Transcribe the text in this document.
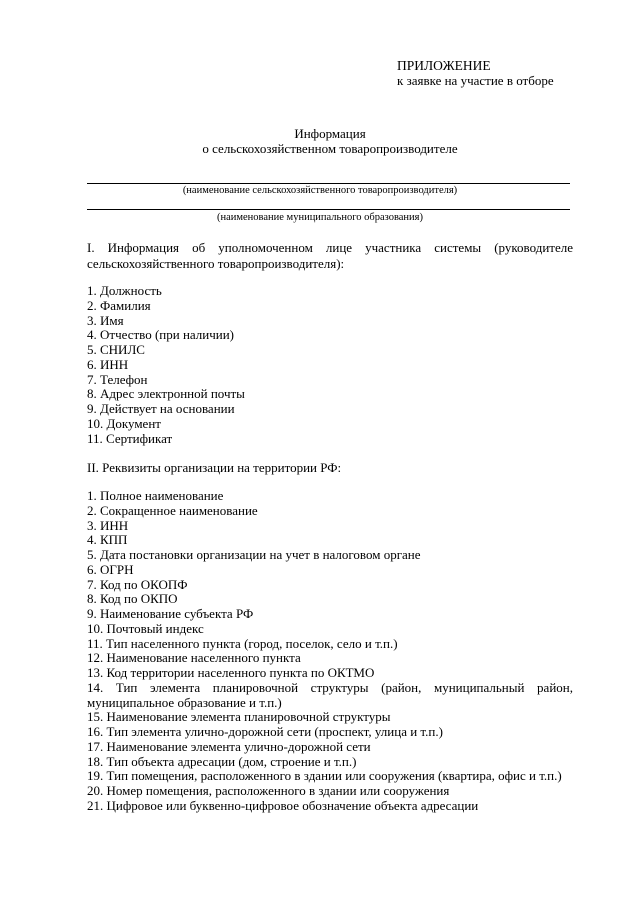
ПРИЛОЖЕНИЕ
к заявке на участие в отборе
Информация
о сельскохозяйственном товаропроизводителе
(наименование сельскохозяйственного товаропроизводителя)
(наименование муниципального образования)
I. Информация об уполномоченном лице участника системы (руководителе
сельскохозяйственного товаропроизводителя):
1. Должность
2. Фамилия
3. Имя
4. Отчество (при наличии)
5. СНИЛС
6. ИНН
7. Телефон
8. Адрес электронной почты
9. Действует на основании
10. Документ
11. Сертификат
II. Реквизиты организации на территории РФ:
1. Полное наименование
2. Сокращенное наименование
3. ИНН
4. КПП
5. Дата постановки организации на учет в налоговом органе
6. ОГРН
7. Код по ОКОПФ
8. Код по ОКПО
9. Наименование субъекта РФ
10. Почтовый индекс
11. Тип населенного пункта (город, поселок, село и т.п.)
12. Наименование населенного пункта
13. Код территории населенного пункта по ОКТМО
14. Тип элемента планировочной структуры (район, муниципальный район,
муниципальное образование и т.п.)
15. Наименование элемента планировочной структуры
16. Тип элемента улично-дорожной сети (проспект, улица и т.п.)
17. Наименование элемента улично-дорожной сети
18. Тип объекта адресации (дом, строение и т.п.)
19. Тип помещения, расположенного в здании или сооружения (квартира, офис и т.п.)
20. Номер помещения, расположенного в здании или сооружения
21. Цифровое или буквенно-цифровое обозначение объекта адресации
